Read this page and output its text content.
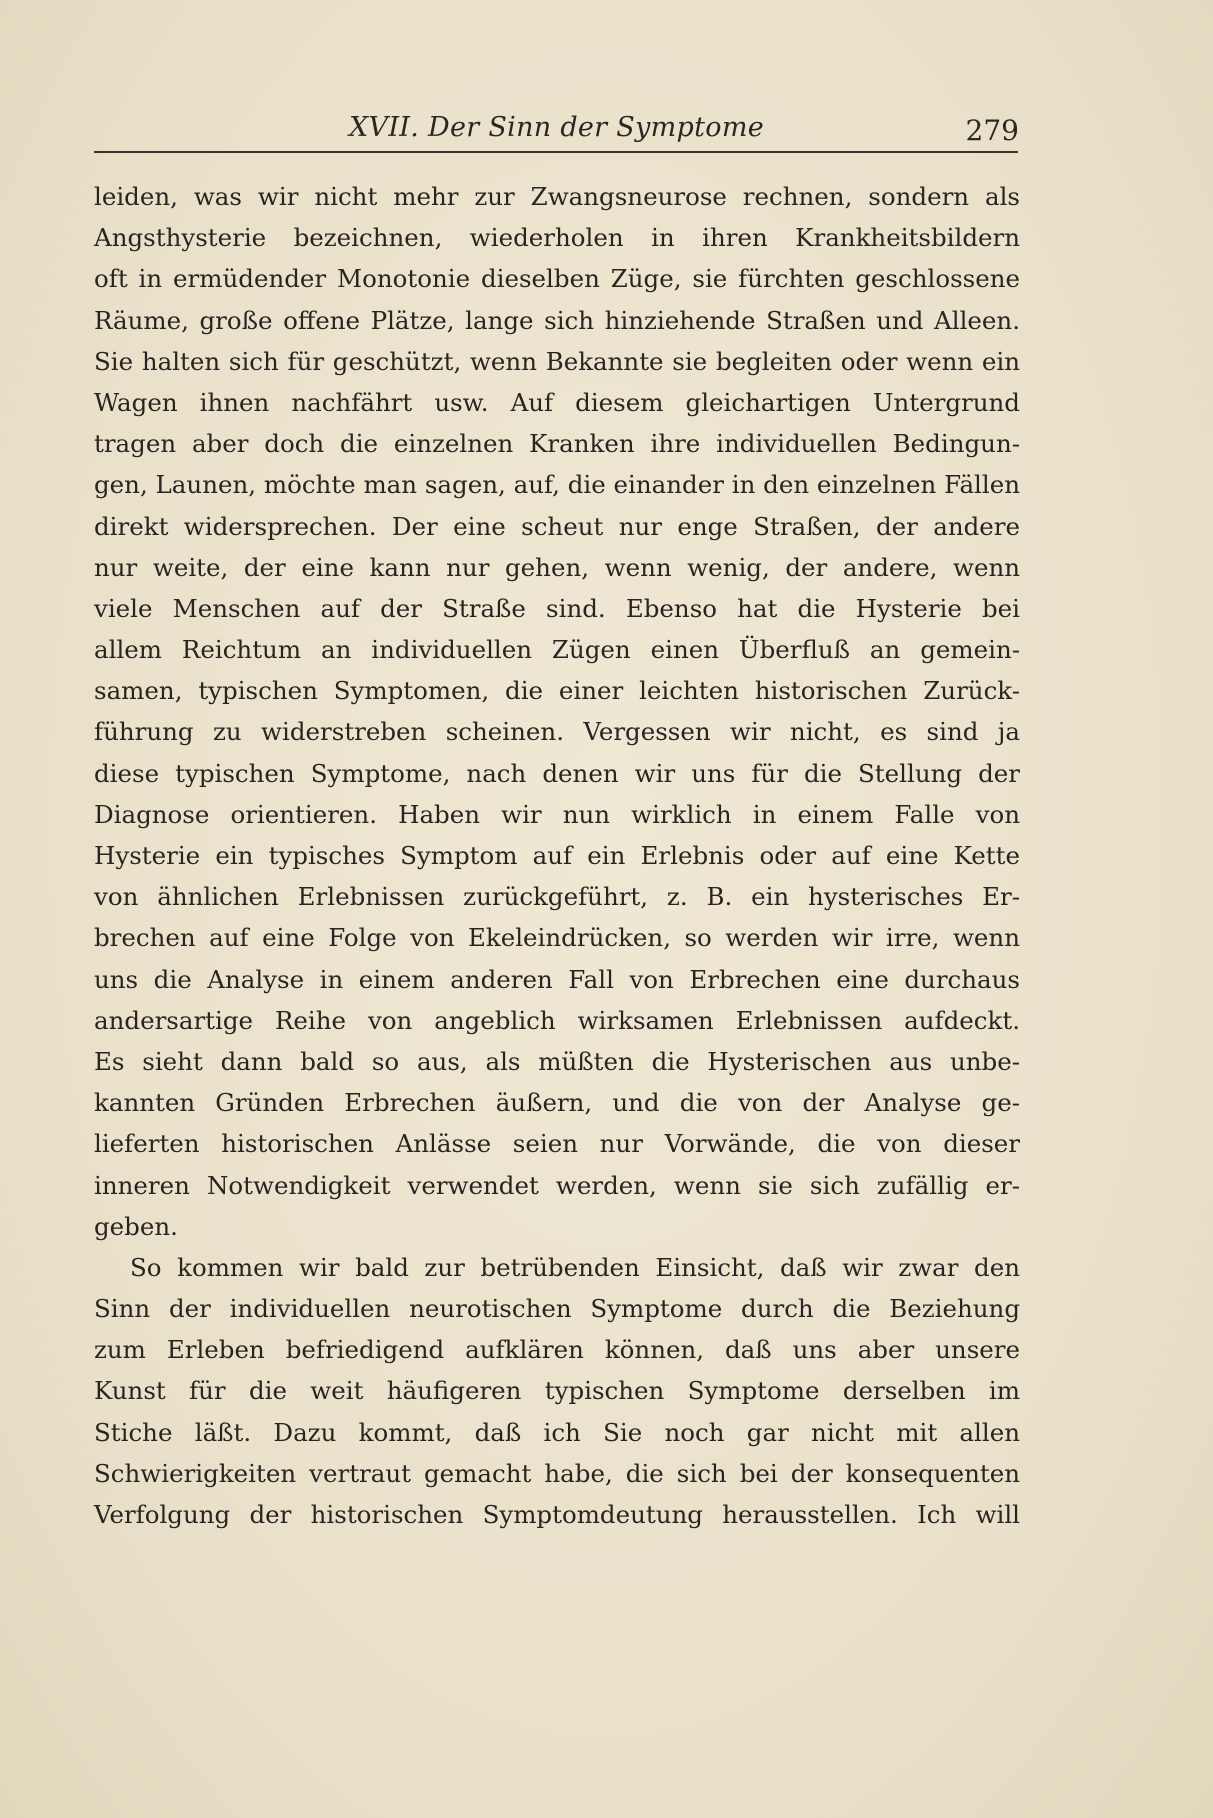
XVII. Der Sinn der Symptome	279
leiden, was wir nicht mehr zur Zwangsneurose rechnen, sondern als
Angsthysterie bezeichnen, wiederholen in ihren Krankheitsbildern
oft in ermüdender Monotonie dieselben Züge, sie fürchten geschlossene
Räume, große offene Plätze, lange sich hinziehende Straßen und Alleen.
Sie halten sich für geschützt, wenn Bekannte sie begleiten oder wenn ein
Wagen ihnen nachfährt usw. Auf diesem gleichartigen Untergrund
tragen aber doch die einzelnen Kranken ihre individuellen Bedingun-
gen, Launen, möchte man sagen, auf, die einander in den einzelnen Fällen
direkt widersprechen. Der eine scheut nur enge Straßen, der andere
nur weite, der eine kann nur gehen, wenn wenig, der andere, wenn
viele Menschen auf der Straße sind. Ebenso hat die Hysterie bei
allem Reichtum an individuellen Zügen einen Überfluß an gemein-
samen, typischen Symptomen, die einer leichten historischen Zurück-
führung zu widerstreben scheinen. Vergessen wir nicht, es sind ja
diese typischen Symptome, nach denen wir uns für die Stellung der
Diagnose orientieren. Haben wir nun wirklich in einem Falle von
Hysterie ein typisches Symptom auf ein Erlebnis oder auf eine Kette
von ähnlichen Erlebnissen zurückgeführt, z. B. ein hysterisches Er-
brechen auf eine Folge von Ekeleindrücken, so werden wir irre, wenn
uns die Analyse in einem anderen Fall von Erbrechen eine durchaus
andersartige Reihe von angeblich wirksamen Erlebnissen aufdeckt.
Es sieht dann bald so aus, als müßten die Hysterischen aus unbe-
kannten Gründen Erbrechen äußern, und die von der Analyse ge-
lieferten historischen Anlässe seien nur Vorwände, die von dieser
inneren Notwendigkeit verwendet werden, wenn sie sich zufällig er-
geben.
So kommen wir bald zur betrübenden Einsicht, daß wir zwar den
Sinn der individuellen neurotischen Symptome durch die Beziehung
zum Erleben befriedigend aufklären können, daß uns aber unsere
Kunst für die weit häufigeren typischen Symptome derselben im
Stiche läßt. Dazu kommt, daß ich Sie noch gar nicht mit allen
Schwierigkeiten vertraut gemacht habe, die sich bei der konsequenten
Verfolgung der historischen Symptomdeutung herausstellen. Ich will
